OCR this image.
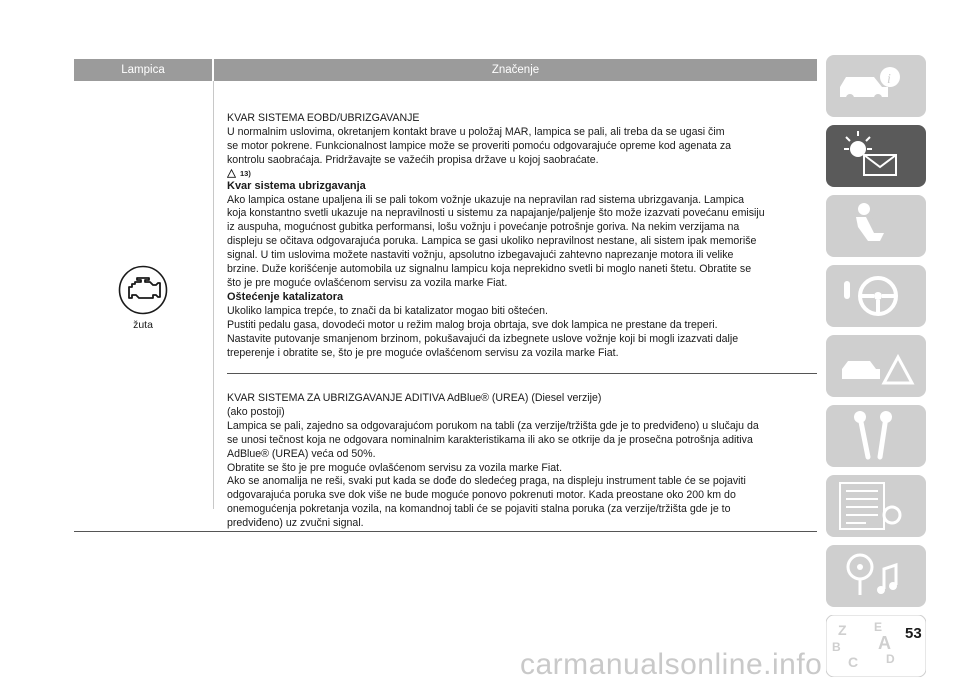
Lampica	Značenje
žuta

KVAR SISTEMA EOBD/UBRIZGAVANJE

U normalnim uslovima, okretanjem kontakt brave u položaj MAR, lampica se pali, ali treba da se ugasi čim

se motor pokrene. Funkcionalnost lampice može se proveriti pomoću odgovarajuće opreme kod agenata za

kontrolu saobraćaja. Pridržavajte se važećih propisa države u kojoj saobraćate.

13)

Kvar sistema ubrizgavanja

Ako lampica ostane upaljena ili se pali tokom vožnje ukazuje na nepravilan rad sistema ubrizgavanja. Lampica

koja konstantno svetli ukazuje na nepravilnosti u sistemu za napajanje/paljenje što može izazvati povećanu emisiju

iz auspuha, mogućnost gubitka performansi, lošu vožnju i povećanje potrošnje goriva. Na nekim verzijama na

displeju se očitava odgovarajuća poruka. Lampica se gasi ukoliko nepravilnost nestane, ali sistem ipak memoriše

signal. U tim uslovima možete nastaviti vožnju, apsolutno izbegavajući zahtevno naprezanje motora ili velike

brzine. Duže korišćenje automobila uz signalnu lampicu koja neprekidno svetli bi moglo naneti štetu. Obratite se

što je pre moguće ovlašćenom servisu za vozila marke Fiat.

Oštećenje katalizatora

Ukoliko lampica trepće, to znači da bi katalizator mogao biti oštećen.

Pustiti pedalu gasa, dovodeći motor u režim malog broja obrtaja, sve dok lampica ne prestane da treperi.

Nastavite putovanje smanjenom brzinom, pokušavajući da izbegnete uslove vožnje koji bi mogli izazvati dalje

treperenje i obratite se, što je pre moguće ovlašćenom servisu za vozila marke Fiat.

KVAR SISTEMA ZA UBRIZGAVANJE ADITIVA AdBlue® (UREA) (Diesel verzije)

(ako postoji)

Lampica se pali, zajedno sa odgovarajućom porukom na tabli (za verzije/tržišta gde je to predviđeno) u slučaju da

se unosi tečnost koja ne odgovara nominalnim karakteristikama ili ako se otkrije da je prosečna potrošnja aditiva

AdBlue® (UREA) veća od 50%.

Obratite se što je pre moguće ovlašćenom servisu za vozila marke Fiat.

Ako se anomalija ne reši, svaki put kada se dođe do sledećeg praga, na displeju instrument table će se pojaviti

odgovarajuća poruka sve dok više ne bude moguće ponovo pokrenuti motor. Kada preostane oko 200 km do

onemogućenja pokretanja vozila, na komandnoj tabli će se pojaviti stalna poruka (za verzije/tržišta gde je to

predviđeno) uz zvučni signal.

i
Z E
A
B
C D
53
carmanualsonline.info
